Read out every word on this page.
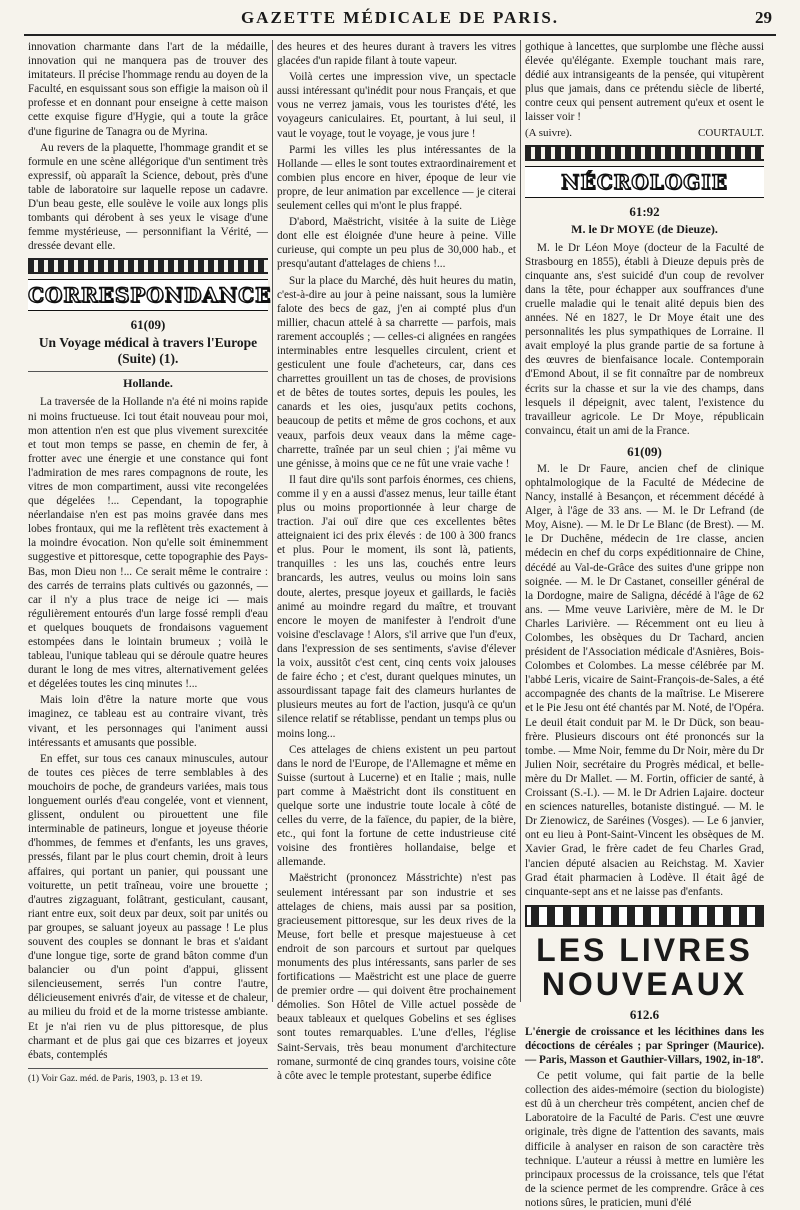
GAZETTE MÉDICALE DE PARIS.	29

innovation charmante dans l'art de la médaille, innovation qui ne manquera pas de trouver des imitateurs. Il précise l'hommage rendu au doyen de la Faculté, en esquissant sous son effigie la maison où il professe et en donnant pour enseigne à cette maison cette exquise figure d'Hygie, qui a toute la grâce d'une figurine de Tanagra ou de Myrina.

Au revers de la plaquette, l'hommage grandit et se formule en une scène allégorique d'un sentiment très expressif, où apparaît la Science, debout, près d'une table de laboratoire sur laquelle repose un cadavre. D'un beau geste, elle soulève le voile aux longs plis tombants qui dérobent à ses yeux le visage d'une femme mystérieuse, — personnifiant la Vérité, — dressée devant elle.

CORRESPONDANCE
61(09)
Un Voyage médical à travers l'Europe (Suite) (1).
Hollande.

La traversée de la Hollande n'a été ni moins rapide ni moins fructueuse. Ici tout était nouveau pour moi, mon attention n'en est que plus vivement surexcitée et tout mon temps se passe, en chemin de fer, à frotter avec une énergie et une constance qui font l'admiration de mes rares compagnons de route, les vitres de mon compartiment, aussi vite recongelées que dégelées !... Cependant, la topographie néerlandaise n'en est pas moins gravée dans mes lobes frontaux, qui me la reflètent très exactement à la moindre évocation. Non qu'elle soit éminemment suggestive et pittoresque, cette topographie des Pays-Bas, mon Dieu non !... Ce serait même le contraire : des carrés de terrains plats cultivés ou gazonnés, — car il n'y a plus trace de neige ici — mais régulièrement entourés d'un large fossé rempli d'eau et quelques bouquets de frondaisons vaguement estompées dans le lointain brumeux ; voilà le tableau, l'unique tableau qui se déroule quatre heures durant le long de mes vitres, alternativement gelées et dégelées toutes les cinq minutes !...

Mais loin d'être la nature morte que vous imaginez, ce tableau est au contraire vivant, très vivant, et les personnages qui l'animent aussi intéressants et amusants que possible.

En effet, sur tous ces canaux minuscules, autour de toutes ces pièces de terre semblables à des mouchoirs de poche, de grandeurs variées, mais tous longuement ourlés d'eau congelée, vont et viennent, glissent, ondulent ou pirouettent une file interminable de patineurs, longue et joyeuse théorie d'hommes, de femmes et d'enfants, les uns graves, pressés, filant par le plus court chemin, droit à leurs affaires, qui portant un panier, qui poussant une voiturette, un petit traîneau, voire une brouette ; d'autres zigzaguant, folâtrant, gesticulant, causant, riant entre eux, soit deux par deux, soit par unités ou par groupes, se saluant joyeux au passage ! Le plus souvent des couples se donnant le bras et s'aidant d'une longue tige, sorte de grand bâton comme d'un balancier ou d'un point d'appui, glissent silencieusement, serrés l'un contre l'autre, délicieusement enivrés d'air, de vitesse et de chaleur, au milieu du froid et de la morne tristesse ambiante. Et je n'ai rien vu de plus pittoresque, de plus charmant et de plus gai que ces bizarres et joyeux ébats, contemplés

(1) Voir Gaz. méd. de Paris, 1903, p. 13 et 19.

des heures et des heures durant à travers les vitres glacées d'un rapide filant à toute vapeur.

Voilà certes une impression vive, un spectacle aussi intéressant qu'inédit pour nous Français, et que vous ne verrez jamais, vous les touristes d'été, les voyageurs caniculaires. Et, pourtant, à lui seul, il vaut le voyage, tout le voyage, je vous jure !

Parmi les villes les plus intéressantes de la Hollande — elles le sont toutes extraordinairement et combien plus encore en hiver, époque de leur vie propre, de leur animation par excellence — je citerai seulement celles qui m'ont le plus frappé.

D'abord, Maëstricht, visitée à la suite de Liège dont elle est éloignée d'une heure à peine. Ville curieuse, qui compte un peu plus de 30,000 hab., et presqu'autant d'attelages de chiens !...

Sur la place du Marché, dès huit heures du matin, c'est-à-dire au jour à peine naissant, sous la lumière falote des becs de gaz, j'en ai compté plus d'un millier, chacun attelé à sa charrette — parfois, mais rarement accouplés ; — celles-ci alignées en rangées interminables entre lesquelles circulent, crient et gesticulent une foule d'acheteurs, car, dans ces charrettes grouillent un tas de choses, de provisions et de bêtes de toutes sortes, depuis les poules, les canards et les oies, jusqu'aux petits cochons, beaucoup de petits et même de gros cochons, et aux veaux, parfois deux veaux dans la même cage-charrette, traînée par un seul chien ; j'ai même vu une génisse, à moins que ce ne fût une vraie vache !

Il faut dire qu'ils sont parfois énormes, ces chiens, comme il y en a aussi d'assez menus, leur taille étant plus ou moins proportionnée à leur charge de traction. J'ai ouï dire que ces excellentes bêtes atteignaient ici des prix élevés : de 100 à 300 francs et plus. Pour le moment, ils sont là, patients, tranquilles : les uns las, couchés entre leurs brancards, les autres, veulus ou moins loin sans doute, alertes, presque joyeux et gaillards, le faciès animé au moindre regard du maître, et trouvant encore le moyen de manifester à l'endroit d'une voisine d'esclavage ! Alors, s'il arrive que l'un d'eux, dans l'expression de ses sentiments, s'avise d'élever la voix, aussitôt c'est cent, cinq cents voix jalouses de faire écho ; et c'est, durant quelques minutes, un assourdissant tapage fait des clameurs hurlantes de plusieurs meutes au fort de l'action, jusqu'à ce qu'un silence relatif se rétablisse, pendant un temps plus ou moins long...

Ces attelages de chiens existent un peu partout dans le nord de l'Europe, de l'Allemagne et même en Suisse (surtout à Lucerne) et en Italie ; mais, nulle part comme à Maëstricht dont ils constituent en quelque sorte une industrie toute locale à côté de celles du verre, de la faïence, du papier, de la bière, etc., qui font la fortune de cette industrieuse cité voisine des frontières hollandaise, belge et allemande.

Maëstricht (prononcez Másstrichte) n'est pas seulement intéressant par son industrie et ses attelages de chiens, mais aussi par sa position, gracieusement pittoresque, sur les deux rives de la Meuse, fort belle et presque majestueuse à cet endroit de son parcours et surtout par quelques monuments des plus intéressants, sans parler de ses fortifications — Maëstricht est une place de guerre de premier ordre — qui doivent être prochainement démolies. Son Hôtel de Ville actuel possède de beaux tableaux et quelques Gobelins et ses églises sont toutes remarquables. L'une d'elles, l'église Saint-Servais, très beau monument d'architecture romane, surmonté de cinq grandes tours, voisine côte à côte avec le temple protestant, superbe édifice

gothique à lancettes, que surplombe une flèche aussi élevée qu'élégante. Exemple touchant mais rare, dédié aux intransigeants de la pensée, qui vitupèrent plus que jamais, dans ce prétendu siècle de liberté, contre ceux qui pensent autrement qu'eux et osent le laisser voir !

(A suivre).	COURTAULT.
NÉCROLOGIE
61:92
M. le Dr MOYE (de Dieuze).

M. le Dr Léon Moye (docteur de la Faculté de Strasbourg en 1855), établi à Dieuze depuis près de cinquante ans, s'est suicidé d'un coup de revolver dans la tête, pour échapper aux souffrances d'une cruelle maladie qui le tenait alité depuis bien des années. Né en 1827, le Dr Moye était une des personnalités les plus sympathiques de Lorraine. Il avait employé la plus grande partie de sa fortune à des œuvres de bienfaisance locale. Contemporain d'Emond About, il se fit connaître par de nombreux écrits sur la chasse et sur la vie des champs, dans lesquels il dépeignit, avec talent, l'existence du travailleur agricole. Le Dr Moye, républicain convaincu, était un ami de la France.

61(09)

M. le Dr Faure, ancien chef de clinique ophtalmologique de la Faculté de Médecine de Nancy, installé à Besançon, et récemment décédé à Alger, à l'âge de 33 ans. — M. le Dr Lefrand (de Moy, Aisne). — M. le Dr Le Blanc (de Brest). — M. le Dr Duchêne, médecin de 1re classe, ancien médecin en chef du corps expéditionnaire de Chine, décédé au Val-de-Grâce des suites d'une grippe non soignée. — M. le Dr Castanet, conseiller général de la Dordogne, maire de Saligna, décédé à l'âge de 62 ans. — Mme veuve Larivière, mère de M. le Dr Charles Larivière. — Récemment ont eu lieu à Colombes, les obsèques du Dr Tachard, ancien président de l'Association médicale d'Asnières, Bois-Colombes et Colombes. La messe célébrée par M. l'abbé Leris, vicaire de Saint-François-de-Sales, a été accompagnée des chants de la maîtrise. Le Miserere et le Pie Jesu ont été chantés par M. Noté, de l'Opéra. Le deuil était conduit par M. le Dr Dück, son beau-frère. Plusieurs discours ont été prononcés sur la tombe. — Mme Noir, femme du Dr Noir, mère du Dr Julien Noir, secrétaire du Progrès médical, et belle-mère du Dr Mallet. — M. Fortin, officier de santé, à Croissant (S.-I.). — M. le Dr Adrien Lajaire. docteur en sciences naturelles, botaniste distingué. — M. le Dr Zienowicz, de Saréines (Vosges). — Le 6 janvier, ont eu lieu à Pont-Saint-Vincent les obsèques de M. Xavier Grad, le frère cadet de feu Charles Grad, l'ancien député alsacien au Reichstag. M. Xavier Grad était pharmacien à Lodève. Il était âgé de cinquante-sept ans et ne laisse pas d'enfants.

LES LIVRES NOUVEAUX
612.6

L'énergie de croissance et les lécithines dans les décoctions de céréales ; par Springer (Maurice). — Paris, Masson et Gauthier-Villars, 1902, in-18º.

Ce petit volume, qui fait partie de la belle collection des aides-mémoire (section du biologiste) est dû à un chercheur très compétent, ancien chef de Laboratoire de la Faculté de Paris. C'est une œuvre originale, très digne de l'attention des savants, mais difficile à analyser en raison de son caractère très technique. L'auteur a réussi à mettre en lumière les principaux processus de la croissance, tels que l'état de la science permet de les comprendre. Grâce à ces notions sûres, le praticien, muni d'élé
